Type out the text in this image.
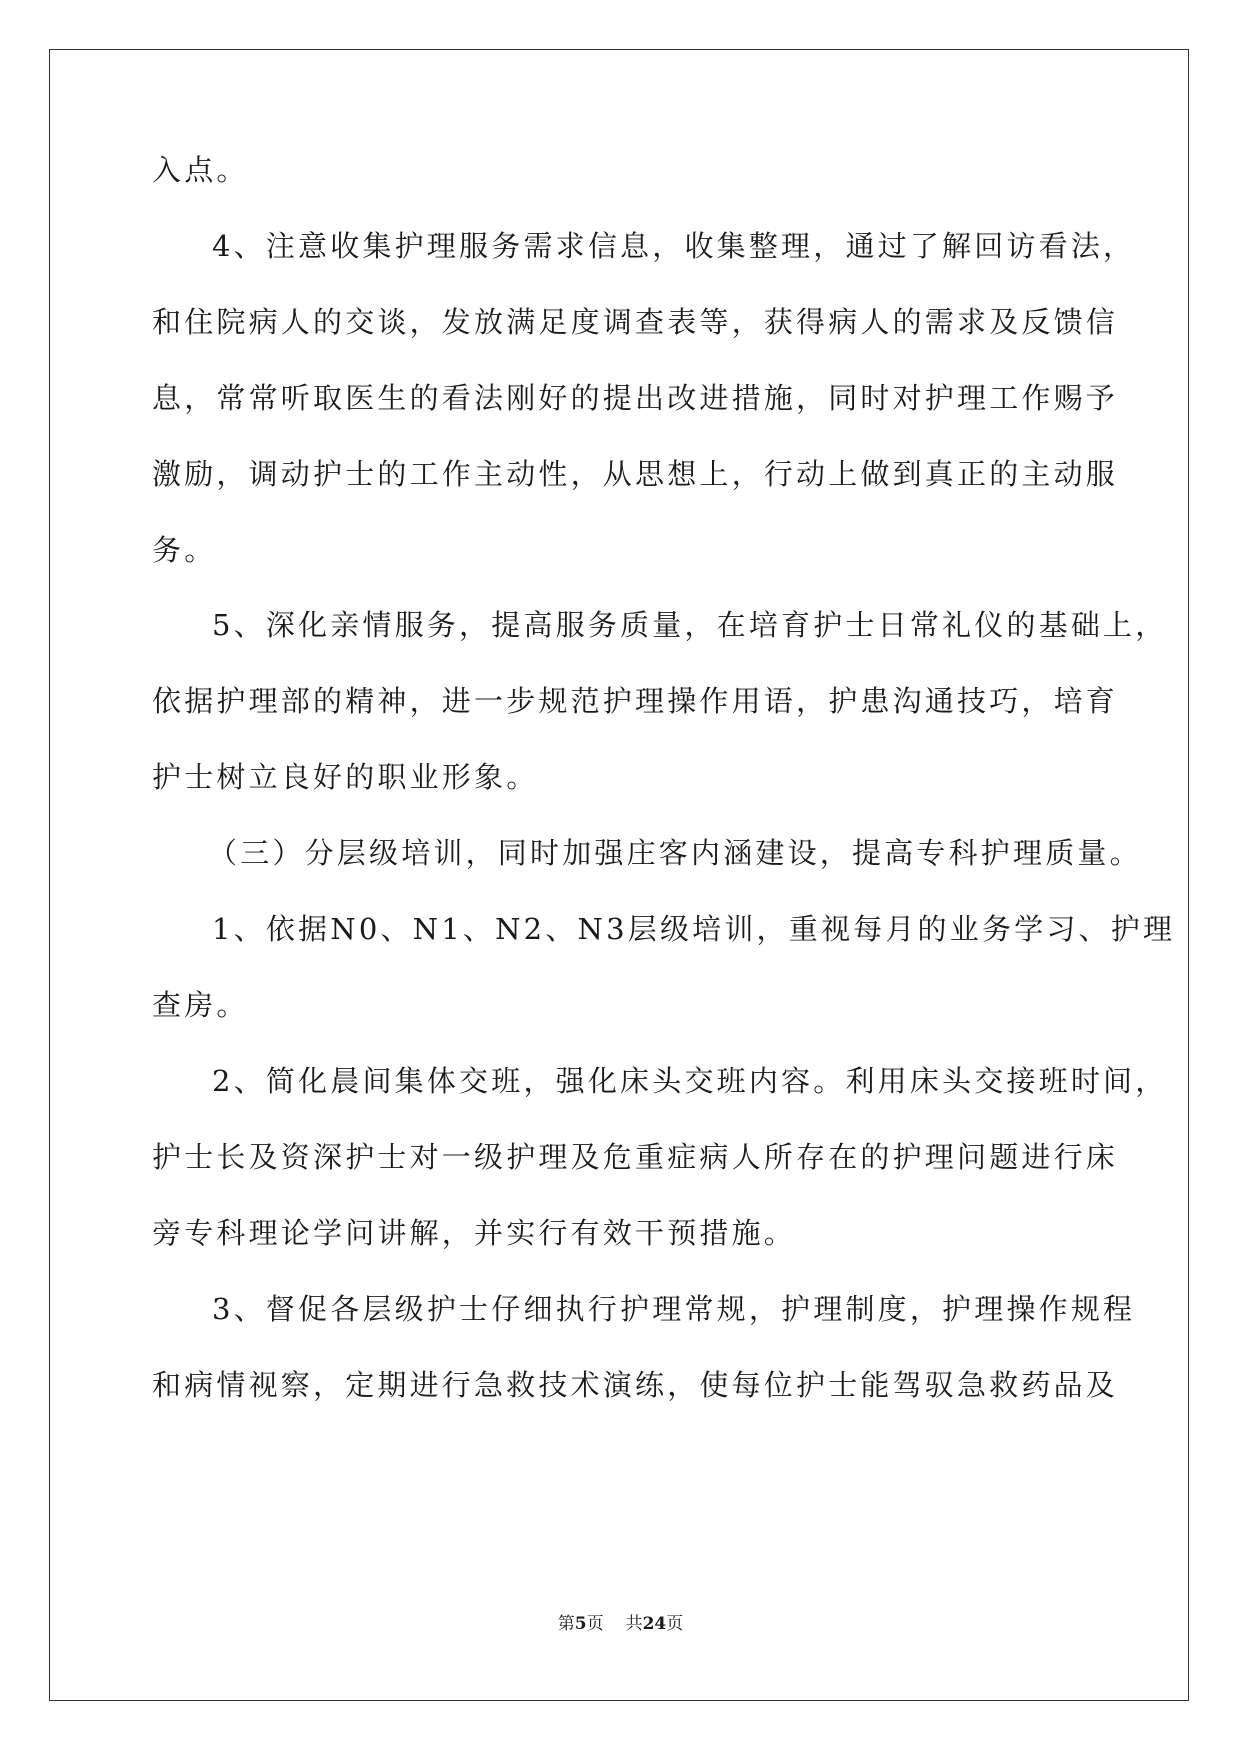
入点。

4、注意收集护理服务需求信息，收集整理，通过了解回访看法，

和住院病人的交谈，发放满足度调查表等，获得病人的需求及反馈信

息，常常听取医生的看法刚好的提出改进措施，同时对护理工作赐予

激励，调动护士的工作主动性，从思想上，行动上做到真正的主动服

务。

5、深化亲情服务，提高服务质量，在培育护士日常礼仪的基础上，

依据护理部的精神，进一步规范护理操作用语，护患沟通技巧，培育

护士树立良好的职业形象。

（三）分层级培训，同时加强庄客内涵建设，提高专科护理质量。

1、依据N0、N1、N2、N3层级培训，重视每月的业务学习、护理

查房。

2、简化晨间集体交班，强化床头交班内容。利用床头交接班时间，

护士长及资深护士对一级护理及危重症病人所存在的护理问题进行床

旁专科理论学问讲解，并实行有效干预措施。

3、督促各层级护士仔细执行护理常规，护理制度，护理操作规程

和病情视察，定期进行急救技术演练，使每位护士能驾驭急救药品及

第5页 共24页
